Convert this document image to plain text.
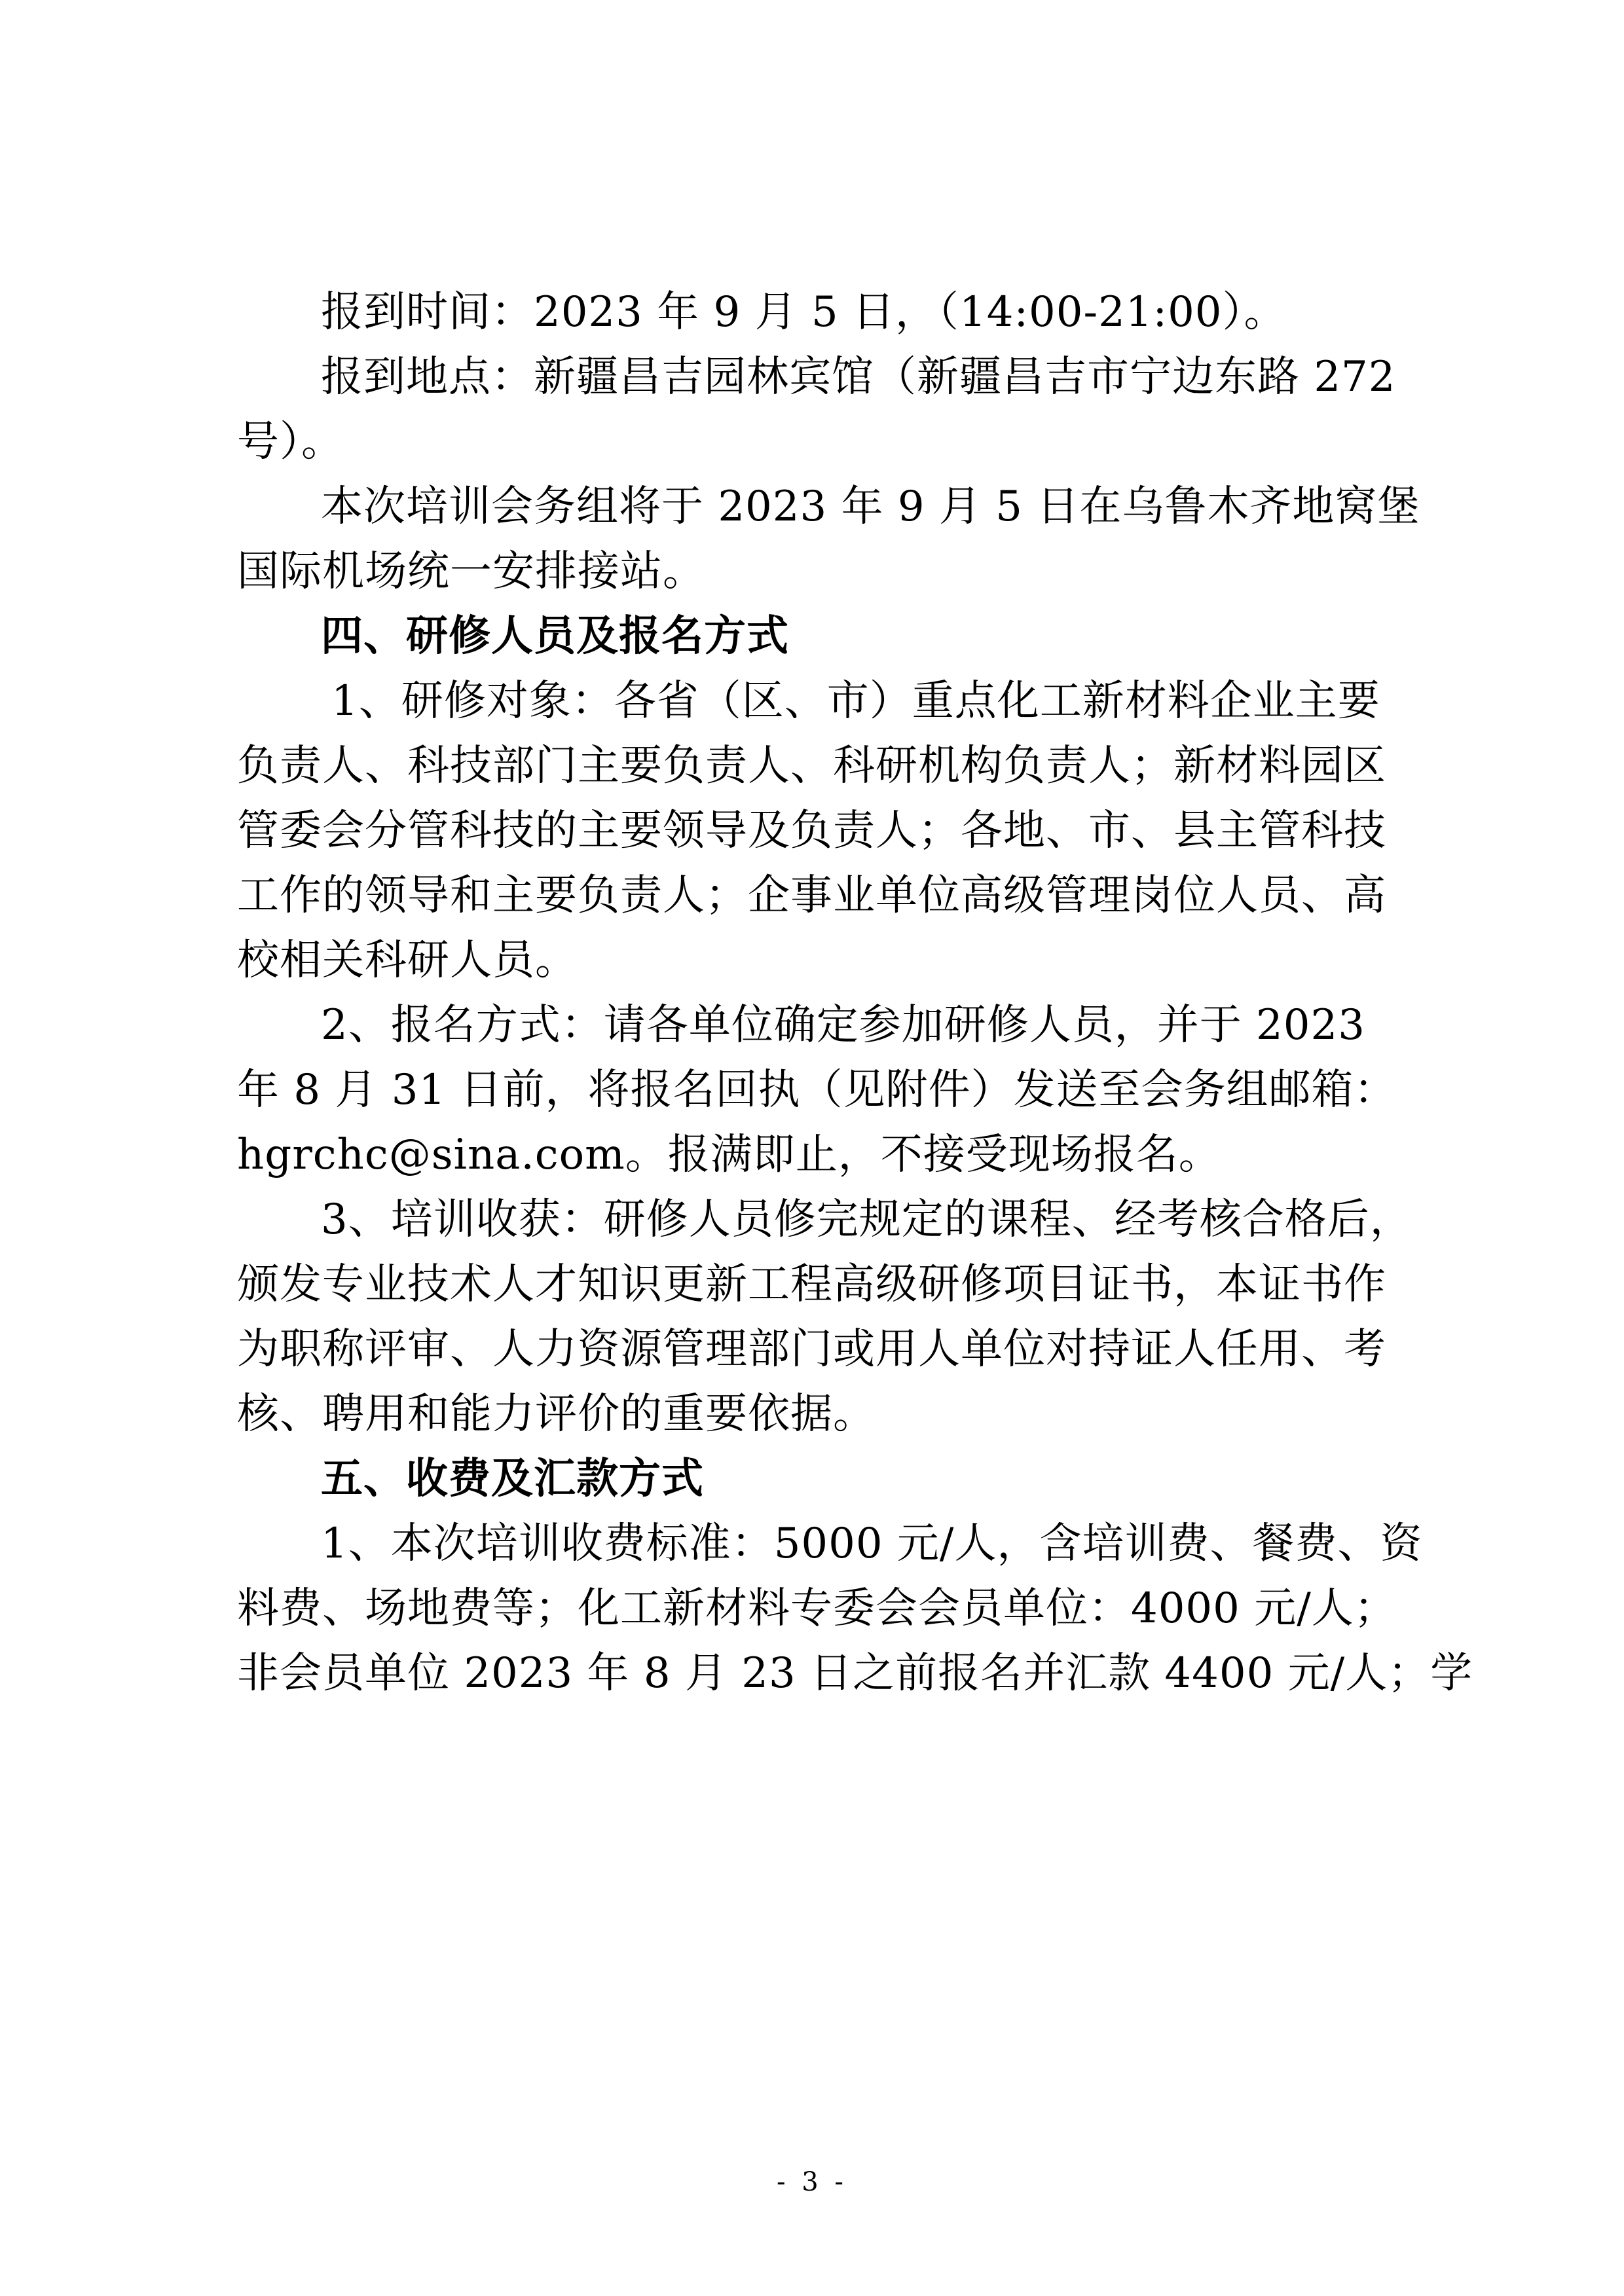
报到时间：2023 年 9 月 5 日，（14:00-21:00）。
报到地点：新疆昌吉园林宾馆（新疆昌吉市宁边东路 272
号）。
本次培训会务组将于 2023 年 9 月 5 日在乌鲁木齐地窝堡
国际机场统一安排接站。
四、研修人员及报名方式
1、研修对象：各省（区、市）重点化工新材料企业主要
负责人、科技部门主要负责人、科研机构负责人；新材料园区
管委会分管科技的主要领导及负责人；各地、市、县主管科技
工作的领导和主要负责人；企事业单位高级管理岗位人员、高
校相关科研人员。
2、报名方式：请各单位确定参加研修人员，并于 2023
年 8 月 31 日前，将报名回执（见附件）发送至会务组邮箱：
hgrchc@sina.com。报满即止，不接受现场报名。
3、培训收获：研修人员修完规定的课程、经考核合格后，
颁发专业技术人才知识更新工程高级研修项目证书，本证书作
为职称评审、人力资源管理部门或用人单位对持证人任用、考
核、聘用和能力评价的重要依据。
五、收费及汇款方式
1、本次培训收费标准：5000 元/人，含培训费、餐费、资
料费、场地费等；化工新材料专委会会员单位：4000 元/人；
非会员单位 2023 年 8 月 23 日之前报名并汇款 4400 元/人；学
- 3 -
